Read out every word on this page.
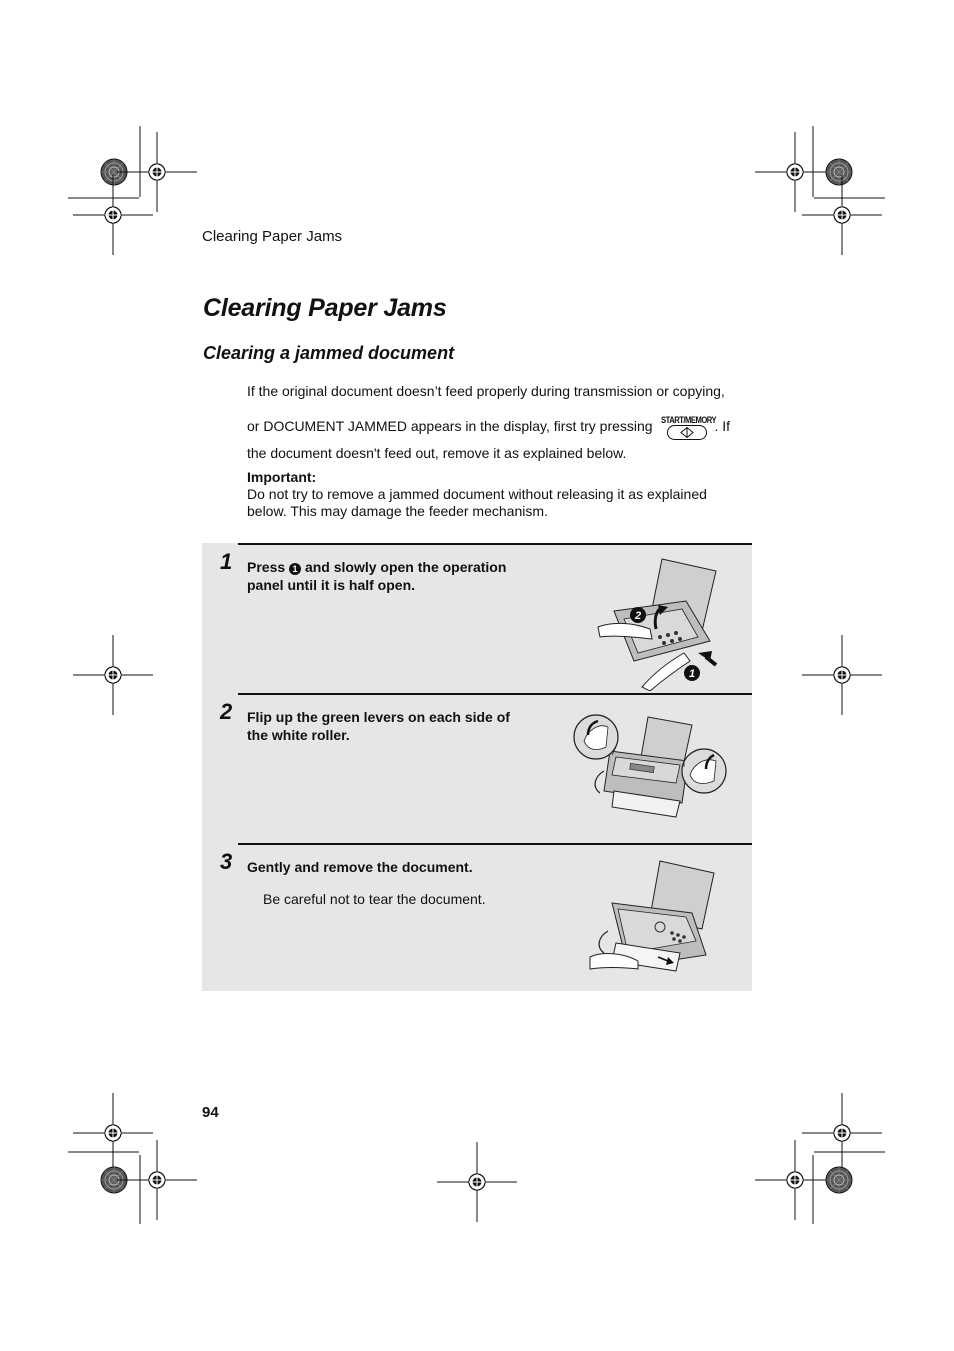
Clearing Paper Jams
Clearing Paper Jams
Clearing a jammed document

If the original document doesn’t feed properly during transmission or copying,

or DOCUMENT JAMMED appears in the display, first try pressing START/MEMORY
. If

the document doesn't feed out, remove it as explained below.

Important:
Do not try to remove a jammed document without releasing it as explained below. This may damage the feeder mechanism.
1 Press 1 and slowly open the operation panel until it is half open.
2
1
2 Flip up the green levers on each side of the white roller.
3 Gently and remove the document.
Be careful not to tear the document.
94
